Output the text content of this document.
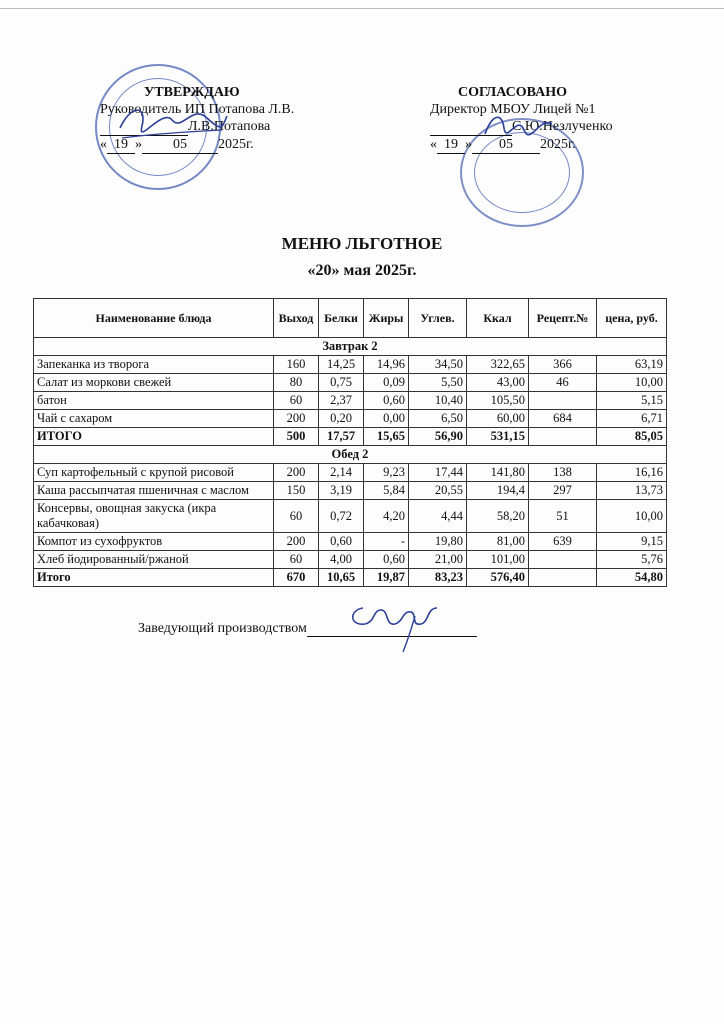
УТВЕРЖДАЮ
Руководитель ИП Потапова Л.В.
Л.В.Потапова
« 19 » 05 2025г.
СОГЛАСОВАНО
Директор МБОУ Лицей №1
С.Ю.Незлученко
« 19 » 05 2025г.
МЕНЮ ЛЬГОТНОЕ
«20» мая 2025г.
Наименование блюда	Выход	Белки	Жиры	Углев.	Ккал	Рецепт.№	цена, руб.
Завтрак 2							
Запеканка из творога	160	14,25	14,96	34,50	322,65	366	63,19
Салат из моркови свежей	80	0,75	0,09	5,50	43,00	46	10,00
батон	60	2,37	0,60	10,40	105,50		5,15
Чай с сахаром	200	0,20	0,00	6,50	60,00	684	6,71
ИТОГО	500	17,57	15,65	56,90	531,15		85,05
Обед 2							
Суп картофельный с крупой рисовой	200	2,14	9,23	17,44	141,80	138	16,16
Каша рассыпчатая пшеничная с маслом	150	3,19	5,84	20,55	194,4	297	13,73
Консервы, овощная закуска (икра кабачковая)	60	0,72	4,20	4,44	58,20	51	10,00
Компот из сухофруктов	200	0,60	-	19,80	81,00	639	9,15
Хлеб йодированный/ржаной	60	4,00	0,60	21,00	101,00		5,76
Итого	670	10,65	19,87	83,23	576,40		54,80
Заведующий производством
